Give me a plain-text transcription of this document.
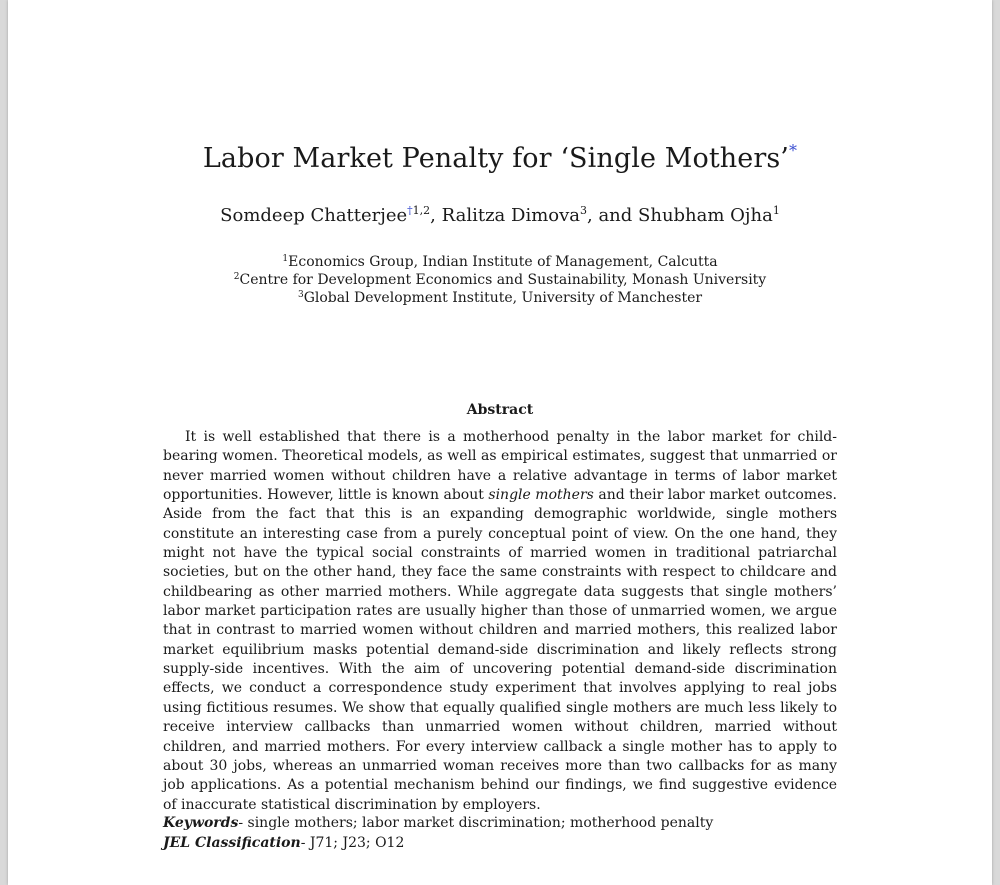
Labor Market Penalty for ‘Single Mothers’*
Somdeep Chatterjee$^{\dagger 1,2}$, Ralitza Dimova$^3$, and Shubham Ojha$^1$
$^1$Economics Group, Indian Institute of Management, Calcutta
$^2$Centre for Development Economics and Sustainability, Monash University
$^3$Global Development Institute, University of Manchester
Abstract

It is well established that there is a motherhood penalty in the labor market for child-bearing women. Theoretical models, as well as empirical estimates, suggest that unmarried or never married women without children have a relative advantage in terms of labor market opportunities. However, little is known about single mothers and their labor market outcomes. Aside from the fact that this is an expanding demographic worldwide, single mothers constitute an interesting case from a purely conceptual point of view. On the one hand, they might not have the typical social constraints of married women in traditional patriarchal societies, but on the other hand, they face the same constraints with respect to childcare and childbearing as other married mothers. While aggregate data suggests that single mothers’ labor market participation rates are usually higher than those of unmarried women, we argue that in contrast to married women without children and married mothers, this realized labor market equilibrium masks potential demand-side discrimination and likely reflects strong supply-side incentives. With the aim of uncovering potential demand-side discrimination effects, we conduct a correspondence study experiment that involves applying to real jobs using fictitious resumes. We show that equally qualified single mothers are much less likely to receive interview callbacks than unmarried women without children, married without children, and married mothers. For every interview callback a single mother has to apply to about 30 jobs, whereas an unmarried woman receives more than two callbacks for as many job applications. As a potential mechanism behind our findings, we find suggestive evidence of inaccurate statistical discrimination by employers.

Keywords- single mothers; labor market discrimination; motherhood penalty
JEL Classification- J71; J23; O12
